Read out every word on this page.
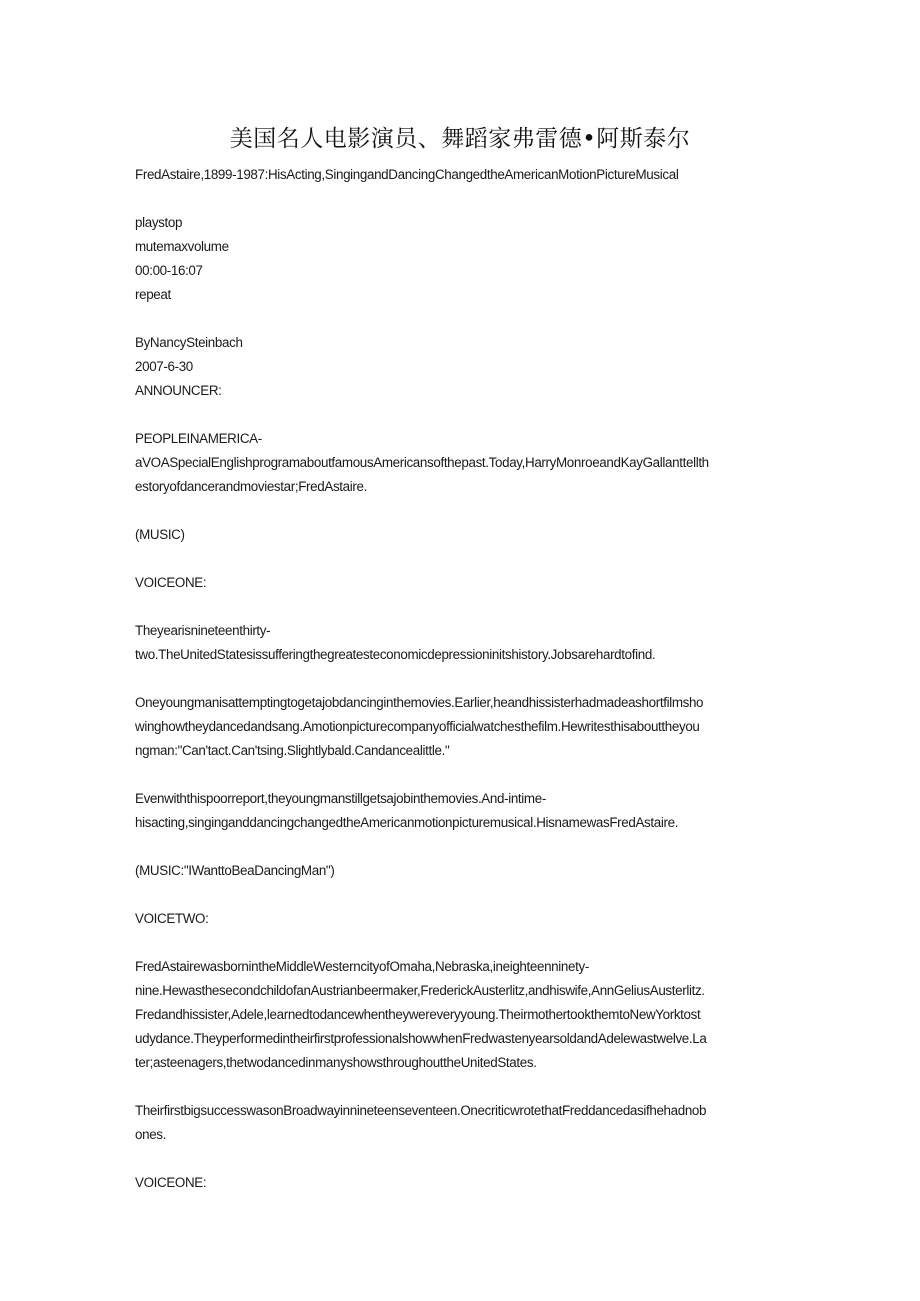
美国名人电影演员、舞蹈家弗雷德•阿斯泰尔
FredAstaire,1899-1987:HisActing,SingingandDancingChangedtheAmericanMotionPictureMusical
playstop
mutemaxvolume
00:00-16:07
repeat
ByNancySteinbach
2007-6-30
ANNOUNCER:
PEOPLEINAMERICA-
aVOASpecialEnglishprogramaboutfamousAmericansofthepast.Today,HarryMonroeandKayGallanttellth
estoryofdancerandmoviestar;FredAstaire.
(MUSIC)
VOICEONE:
Theyearisnineteenthirty-
two.TheUnitedStatesissufferingthegreatesteconomicdepressioninitshistory.Jobsarehardtofind.
Oneyoungmanisattemptingtogetajobdancinginthemovies.Earlier,heandhissisterhadmadeashortfilmsho
winghowtheydancedandsang.Amotionpicturecompanyofficialwatchesthefilm.Hewritesthisabouttheyou
ngman:"Can'tact.Can'tsing.Slightlybald.Candancealittle."
Evenwiththispoorreport,theyoungmanstillgetsajobinthemovies.And-intime-
hisacting,singinganddancingchangedtheAmericanmotionpicturemusical.HisnamewasFredAstaire.
(MUSIC:"IWanttoBeaDancingMan")
VOICETWO:
FredAstairewasbornintheMiddleWesterncityofOmaha,Nebraska,ineighteenninety-
nine.HewasthesecondchildofanAustrianbeermaker,FrederickAusterlitz,andhiswife,AnnGeliusAusterlitz.
Fredandhissister,Adele,learnedtodancewhentheywereveryyoung.TheirmothertookthemtoNewYorktost
udydance.TheyperformedintheirfirstprofessionalshowwhenFredwastenyearsoldandAdelewastwelve.La
ter;asteenagers,thetwodancedinmanyshowsthroughouttheUnitedStates.
TheirfirstbigsuccesswasonBroadwayinnineteenseventeen.OnecriticwrotethatFreddancedasifhehadnob
ones.
VOICEONE:
